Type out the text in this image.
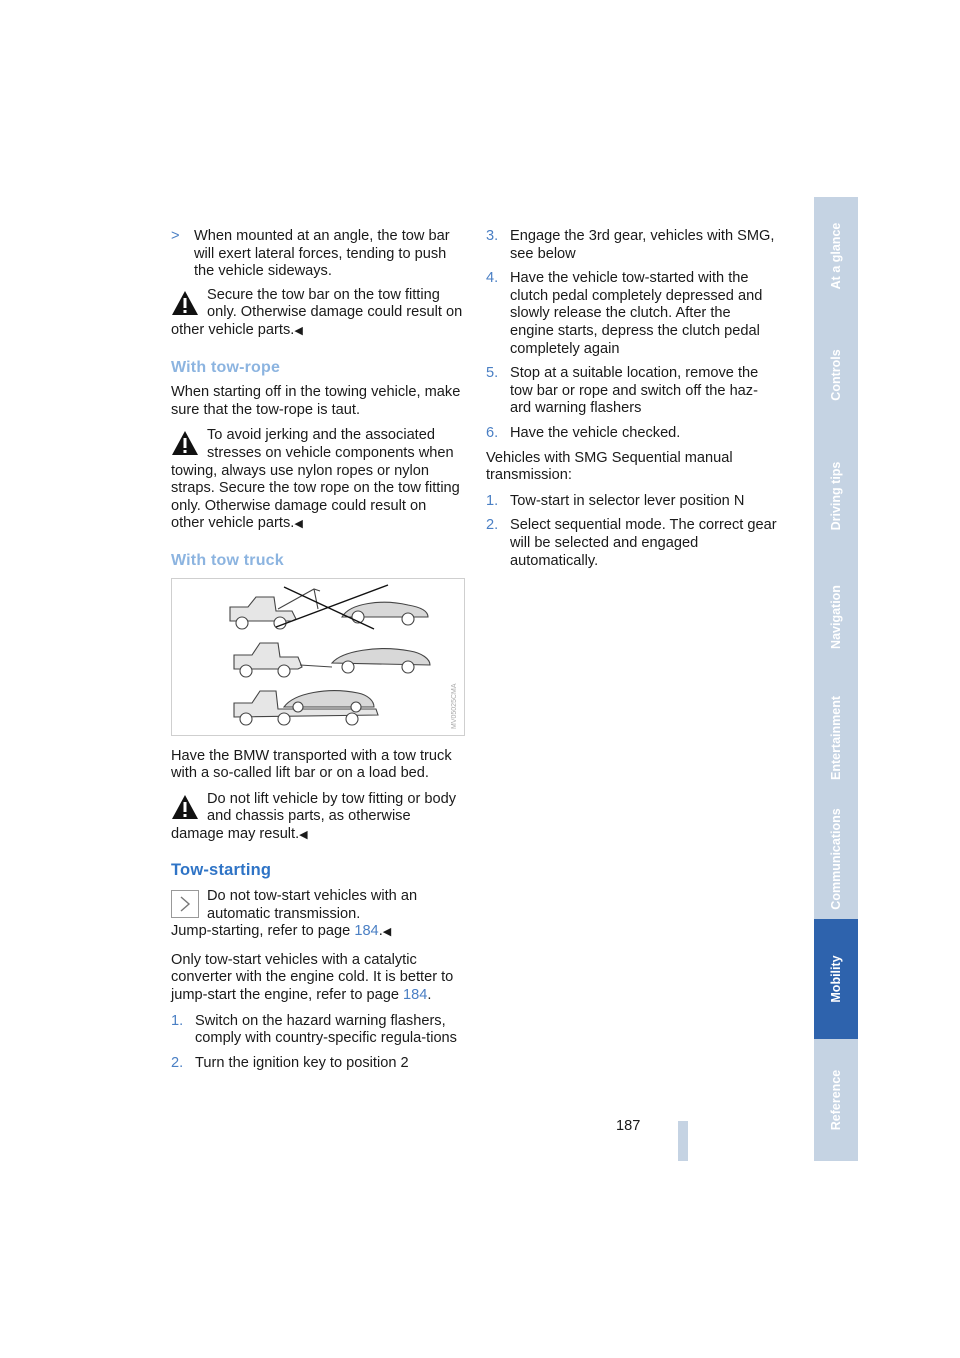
> When mounted at an angle, the tow bar will exert lateral forces, tending to push the vehicle sideways.
Secure the tow bar on the tow fitting only. Otherwise damage could result on other vehicle parts.◀
With tow-rope

When starting off in the towing vehicle, make sure that the tow-rope is taut.

To avoid jerking and the associated stresses on vehicle components when towing, always use nylon ropes or nylon straps. Secure the tow rope on the tow fitting only. Otherwise damage could result on other vehicle parts.◀
With tow truck
MV05025CMA

Have the BMW transported with a tow truck with a so-called lift bar or on a load bed.

Do not lift vehicle by tow fitting or body and chassis parts, as otherwise damage may result.◀
Tow-starting
Do not tow-start vehicles with an automatic transmission.
Jump-starting, refer to page 184.◀

Only tow-start vehicles with a catalytic converter with the engine cold. It is better to jump-start the engine, refer to page 184.

1. Switch on the hazard warning flashers, comply with country-specific regula-tions
2. Turn the ignition key to position 2
3. Engage the 3rd gear, vehicles with SMG, see below
4. Have the vehicle tow-started with the clutch pedal completely depressed and slowly release the clutch. After the engine starts, depress the clutch pedal completely again
5. Stop at a suitable location, remove the tow bar or rope and switch off the haz-ard warning flashers
6. Have the vehicle checked.

Vehicles with SMG Sequential manual transmission:

1. Tow-start in selector lever position N
2. Select sequential mode. The correct gear will be selected and engaged automatically.
At a glance
Controls
Driving tips
Navigation
Entertainment
Communications
Mobility
Reference
187
